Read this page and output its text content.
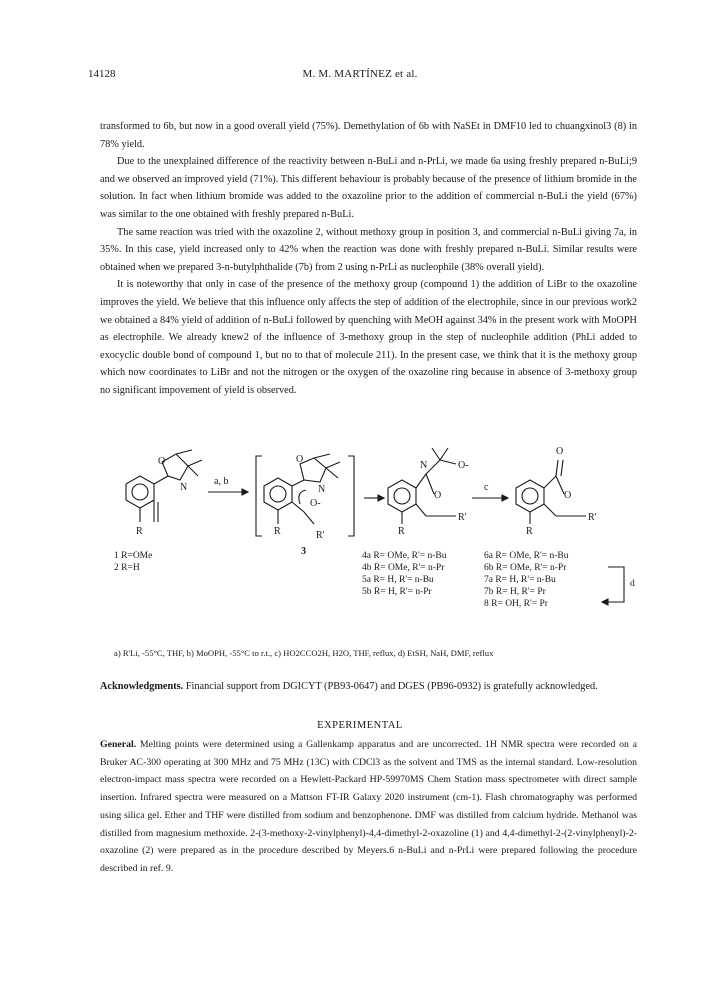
14128	M. M. MARTÍNEZ et al.

transformed to 6b, but now in a good overall yield (75%). Demethylation of 6b with NaSEt in DMF10 led to chuangxinol3 (8) in 78% yield.

Due to the unexplained difference of the reactivity between n-BuLi and n-PrLi, we made 6a using freshly prepared n-BuLi;9 and we observed an improved yield (71%). This different behaviour is probably because of the presence of lithium bromide in the solution. In fact when lithium bromide was added to the oxazoline prior to the addition of commercial n-BuLi the yield (67%) was similar to the one obtained with freshly prepared n-BuLi.

The same reaction was tried with the oxazoline 2, without methoxy group in position 3, and commercial n-BuLi giving 7a, in 35%. In this case, yield increased only to 42% when the reaction was done with freshly prepared n-BuLi. Similar results were obtained when we prepared 3-n-butylphthalide (7b) from 2 using n-PrLi as nucleophile (38% overall yield).

It is noteworthy that only in case of the presence of the methoxy group (compound 1) the addition of LiBr to the oxazoline improves the yield. We believe that this influence only affects the step of addition of the electrophile, since in our previous work2 we obtained a 84% yield of addition of n-BuLi followed by quenching with MeOH against 34% in the present work with MoOPH as electrophile. We already knew2 of the influence of 3-methoxy group in the step of nucleophile addition (PhLi added to exocyclic double bond of compound 1, but no to that of molecule 211). In the present case, we think that it is the methoxy group which now coordinates to LiBr and not the nitrogen or the oxygen of the oxazoline ring because in absence of 3-methoxy group no significant impovement of yield is observed.

O
N
R
a, b
O
N
O-
R	R'
3
O
N	O-
R'
R
c
O
O
R'
R
1 R=OMe
2 R=H
4a R= OMe, R'= n-Bu
4b R= OMe, R'= n-Pr
5a R= H, R'= n-Bu
5b R= H, R'= n-Pr
6a R= OMe, R'= n-Bu
6b R= OMe, R'= n-Pr
7a R= H, R'= n-Bu
7b R= H, R'= Pr
8 R= OH, R'= Pr
d
a) R'Li, -55°C, THF, b) MoOPH, -55°C to r.t., c) HO2CCO2H, H2O, THF, reflux, d) EtSH, NaH, DMF, reflux
Acknowledgments. Financial support from DGICYT (PB93-0647) and DGES (PB96-0932) is gratefully acknowledged.
EXPERIMENTAL
General. Melting points were determined using a Gallenkamp apparatus and are uncorrected. 1H NMR spectra were recorded on a Bruker AC-300 operating at 300 MHz and 75 MHz (13C) with CDCl3 as the solvent and TMS as the internal standard. Low-resolution electron-impact mass spectra were recorded on a Hewlett-Packard HP-59970MS Chem Station mass spectrometer with direct sample insertion. Infrared spectra were measured on a Mattson FT-IR Galaxy 2020 instrument (cm-1). Flash chromatography was performed using silica gel. Ether and THF were distilled from sodium and benzophenone. DMF was distilled from calcium hydride. Methanol was distilled from magnesium methoxide. 2-(3-methoxy-2-vinylphenyl)-4,4-dimethyl-2-oxazoline (1) and 4,4-dimethyl-2-(2-vinylphenyl)-2-oxazoline (2) were prepared as in the procedure described by Meyers.6 n-BuLi and n-PrLi were prepared following the procedure described in ref. 9.
